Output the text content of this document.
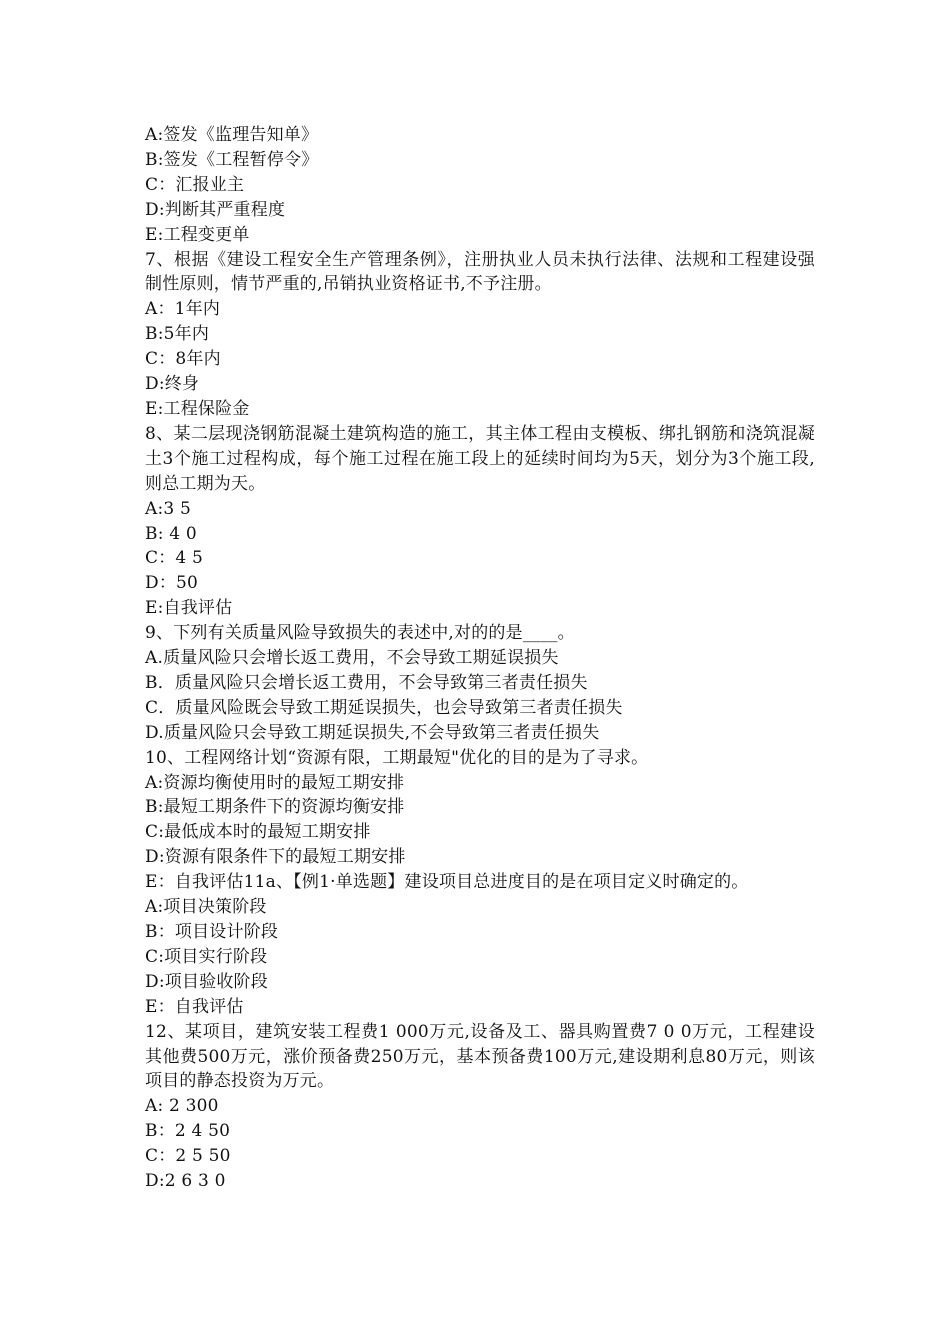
A:签发《监理告知单》
B:签发《工程暂停令》
C：汇报业主
D:判断其严重程度
E:工程变更单
7、根据《建设工程安全生产管理条例》，注册执业人员未执行法律、法规和工程建设强制性原则，情节严重的,吊销执业资格证书,不予注册。
A：1年内
B:5年内
C：8年内
D:终身
E:工程保险金
8、某二层现浇钢筋混凝土建筑构造的施工，其主体工程由支模板、绑扎钢筋和浇筑混凝土3个施工过程构成，每个施工过程在施工段上的延续时间均为5天，划分为3个施工段,则总工期为天。
A:3 5
B: 4 0
C：4 5
D：50
E:自我评估
9、下列有关质量风险导致损失的表述中,对的的是____。
A.质量风险只会增长返工费用，不会导致工期延误损失
B．质量风险只会增长返工费用，不会导致第三者责任损失
C．质量风险既会导致工期延误损失，也会导致第三者责任损失
D.质量风险只会导致工期延误损失,不会导致第三者责任损失
10、工程网络计划“资源有限，工期最短"优化的目的是为了寻求。
A:资源均衡使用时的最短工期安排
B:最短工期条件下的资源均衡安排
C:最低成本时的最短工期安排
D:资源有限条件下的最短工期安排
E：自我评估11a、【例1·单选题】建设项目总进度目的是在项目定义时确定的。
A:项目决策阶段
B：项目设计阶段
C:项目实行阶段
D:项目验收阶段
E：自我评估
12、某项目，建筑安装工程费1 000万元,设备及工、器具购置费7 0 0万元，工程建设其他费500万元，涨价预备费250万元，基本预备费100万元,建设期利息80万元，则该项目的静态投资为万元。
A: 2 300
B：2 4 50
C：2 5 50
D:2 6 3 0
